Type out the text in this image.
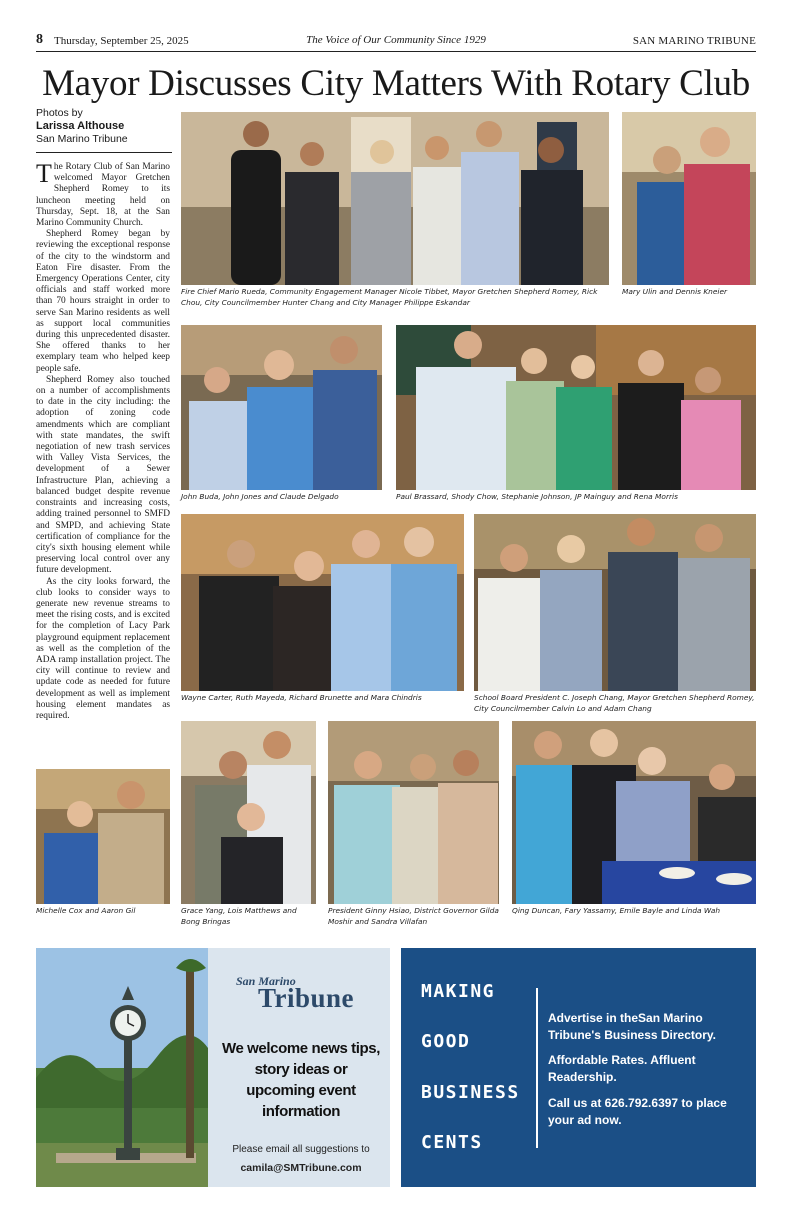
8 Thursday, September 25, 2025	The Voice of Our Community Since 1929	SAN MARINO TRIBUNE
Mayor Discusses City Matters With Rotary Club
Photos by
Larissa Althouse
San Marino Tribune

The Rotary Club of San Marino welcomed Mayor Gretchen Shepherd Romey to its luncheon meeting held on Thursday, Sept. 18, at the San Marino Community Church.

Shepherd Romey began by reviewing the exceptional response of the city to the windstorm and Eaton Fire disaster. From the Emergency Operations Center, city officials and staff worked more than 70 hours straight in order to serve San Marino residents as well as support local communities during this unprecedented disaster. She offered thanks to her exemplary team who helped keep people safe.

Shepherd Romey also touched on a number of accomplishments to date in the city including: the adoption of zoning code amendments which are compliant with state mandates, the swift negotiation of new trash services with Valley Vista Services, the development of a Sewer Infrastructure Plan, achieving a balanced budget despite revenue constraints and increasing costs, adding trained personnel to SMFD and SMPD, and achieving State certification of compliance for the city's sixth housing element while preserving local control over any future development.

As the city looks forward, the club looks to consider ways to generate new revenue streams to meet the rising costs, and is excited for the completion of Lacy Park playground equipment replacement as well as the completion of the ADA ramp installation project. The city will continue to review and update code as needed for future development as well as implement housing element mandates as required.

Fire Chief Mario Rueda, Community Engagement Manager Nicole Tibbet, Mayor Gretchen Shepherd Romey, Rick Chou, City Councilmember Hunter Chang and City Manager Philippe Eskandar
Mary Ulin and Dennis Kneier
John Buda, John Jones and Claude Delgado	Paul Brassard, Shody Chow, Stephanie Johnson, JP Mainguy and Rena Morris
Wayne Carter, Ruth Mayeda, Richard Brunette and Mara Chindris	School Board President C. Joseph Chang, Mayor Gretchen Shepherd Romey, City Councilmember Calvin Lo and Adam Chang
Michelle Cox and Aaron Gil	Grace Yang, Lois Matthews and Bong Bringas
President Ginny Hsiao, District Governor Gilda Moshir and Sandra Villafan
Qing Duncan, Fary Yassamy, Emile Bayle and Linda Wah
San Marino
Tribune
We welcome news tips, story ideas or upcoming event information
Please email all suggestions to
camila@SMTribune.com
MAKING
GOOD
BUSINESS
CENTS
Advertise in theSan Marino Tribune's Business Directory.
Affordable Rates. Affluent Readership.
Call us at 626.792.6397 to place your ad now.
